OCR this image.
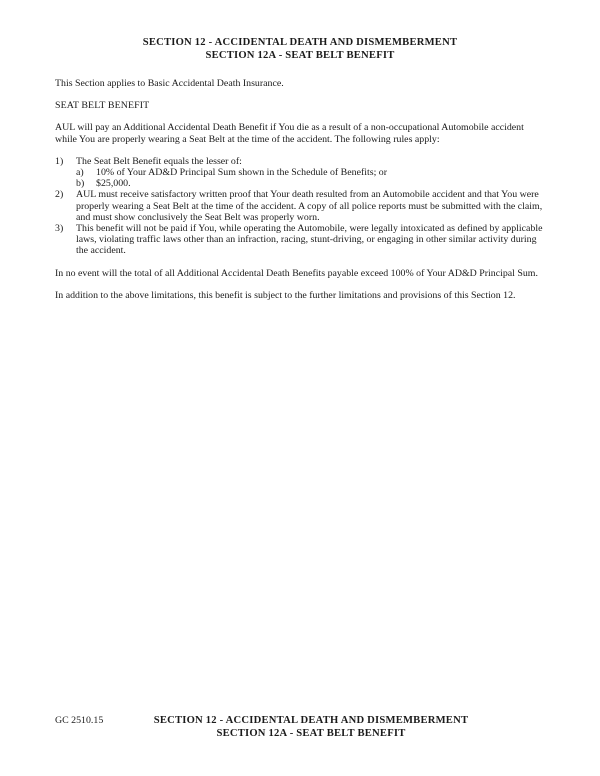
SECTION 12 - ACCIDENTAL DEATH AND DISMEMBERMENT
SECTION 12A - SEAT BELT BENEFIT

This Section applies to Basic Accidental Death Insurance.

SEAT BELT BENEFIT

AUL will pay an Additional Accidental Death Benefit if You die as a result of a non-occupational Automobile accident while You are properly wearing a Seat Belt at the time of the accident. The following rules apply:

1)	The Seat Belt Benefit equals the lesser of:
a)	10% of Your AD&D Principal Sum shown in the Schedule of Benefits; or
b)	$25,000.
2)	AUL must receive satisfactory written proof that Your death resulted from an Automobile accident and that You were properly wearing a Seat Belt at the time of the accident. A copy of all police reports must be submitted with the claim, and must show conclusively the Seat Belt was properly worn.
3)	This benefit will not be paid if You, while operating the Automobile, were legally intoxicated as defined by applicable laws, violating traffic laws other than an infraction, racing, stunt-driving, or engaging in other similar activity during the accident.

In no event will the total of all Additional Accidental Death Benefits payable exceed 100% of Your AD&D Principal Sum.

In addition to the above limitations, this benefit is subject to the further limitations and provisions of this Section 12.

GC 2510.15	SECTION 12 - ACCIDENTAL DEATH AND DISMEMBERMENT
SECTION 12A - SEAT BELT BENEFIT
